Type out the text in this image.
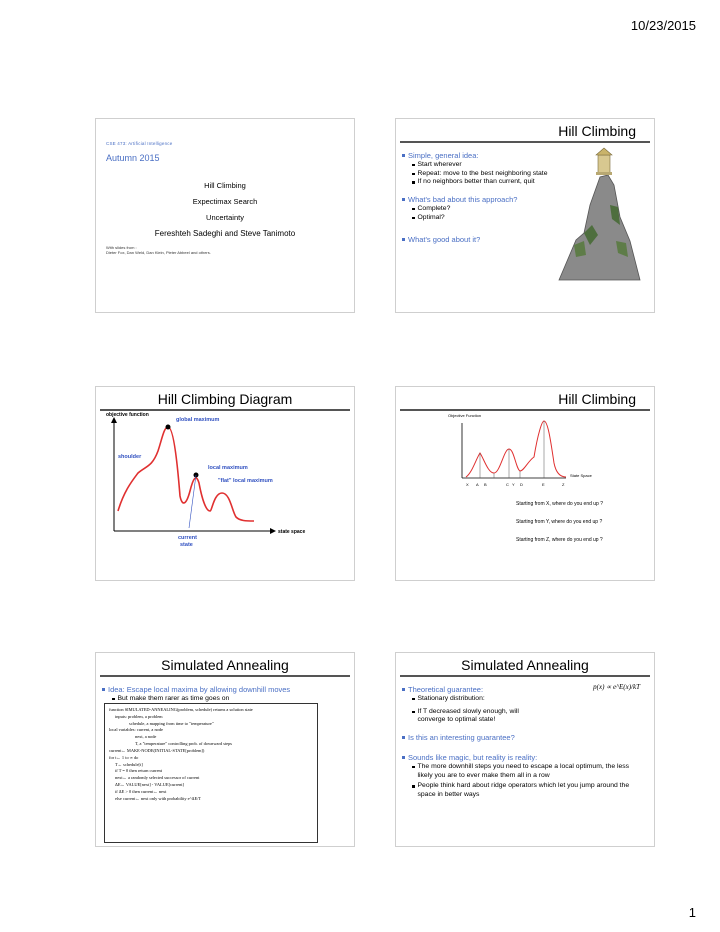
10/23/2015
CSE 473: Artificial Intelligence
Autumn 2015
Hill Climbing
Expectimax Search
Uncertainty
Fereshteh Sadeghi and Steve Tanimoto
With slides from :
Dieter Fox, Dan Weld, Dan Klein, Pieter Abbeel and others.
Hill Climbing
Simple, general idea:
Start wherever
Repeat: move to the best neighboring state
If no neighbors better than current, quit
What's bad about this approach?
Complete?
Optimal?
What's good about it?
Hill Climbing Diagram
objective function
global maximum
shoulder
local maximum
"flat" local maximum
state space
current
state
Hill Climbing
Objective Function
State Space
X A B	C Y D	E	Z
Starting from X, where do you end up ?
Starting from Y, where do you end up ?
Starting from Z, where do you end up ?
Simulated Annealing
Idea: Escape local maxima by allowing downhill moves
But make them rarer as time goes on
function SIMULATED-ANNEALING(problem, schedule) returns a solution state
inputs: problem, a problem
schedule, a mapping from time to "temperature"
local variables: current, a node
next, a node
T, a "temperature" controlling prob. of downward steps
current← MAKE-NODE(INITIAL-STATE[problem])
for t← 1 to ∞ do
T← schedule[t]
if T = 0 then return current
next← a randomly selected successor of current
ΔE← VALUE[next] - VALUE[current]
if ΔE > 0 then current← next
else current← next only with probability e^ΔE/T
Simulated Annealing
Theoretical guarantee:
Stationary distribution:
If T decreased slowly enough, will converge to optimal state!
Is this an interesting guarantee?
Sounds like magic, but reality is reality:
The more downhill steps you need to escape a local optimum, the less likely you are to ever make them all in a row
People think hard about ridge operators which let you jump around the space in better ways
p(x) ∝ e^E(x)/kT
1
